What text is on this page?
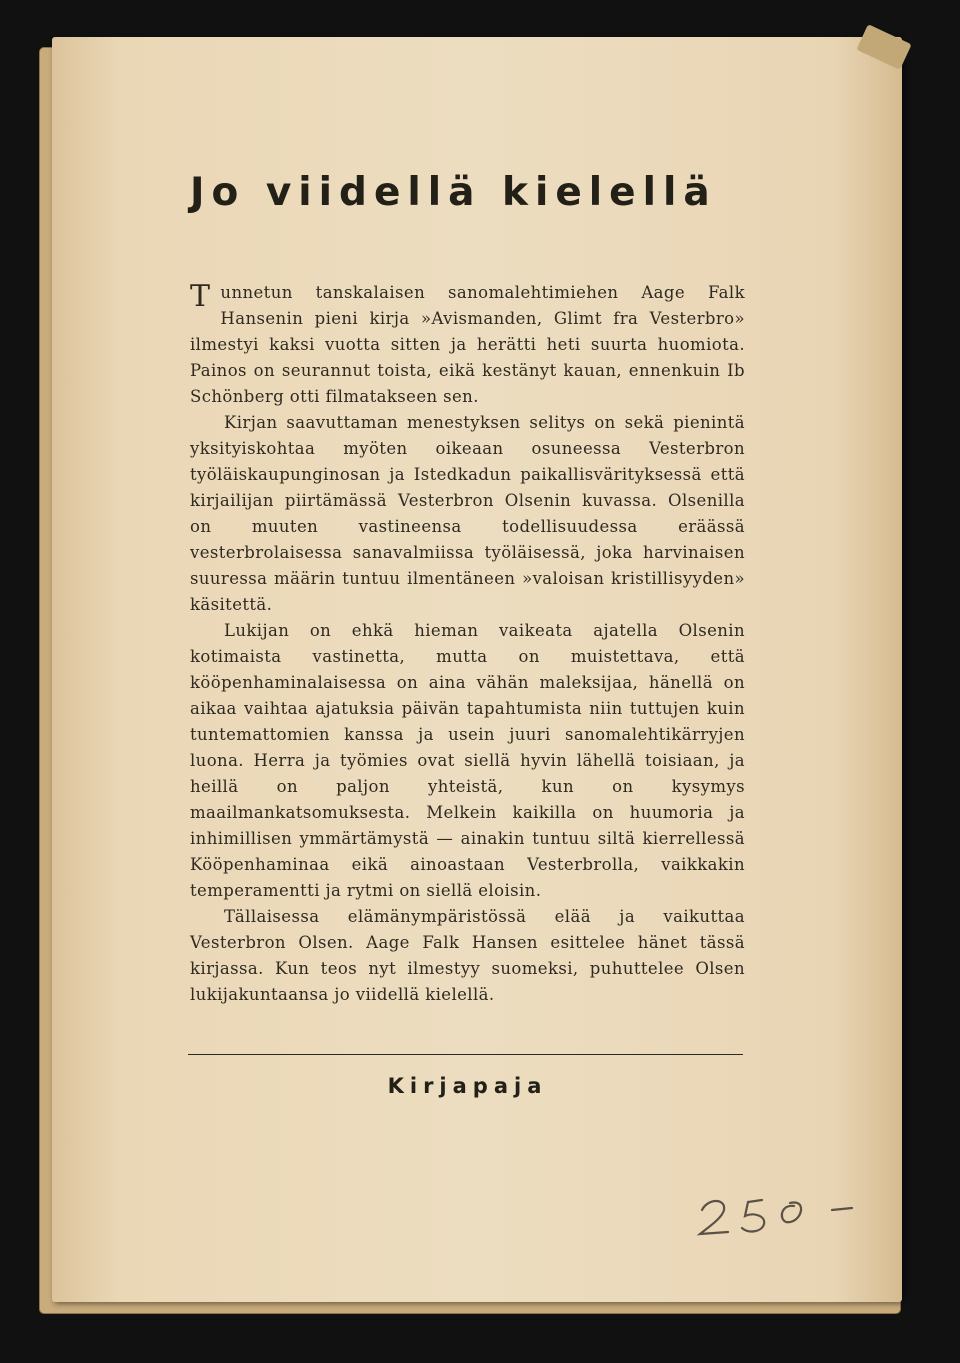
Jo viidellä kielellä

Tunnetun tanskalaisen sanomalehtimiehen Aage Falk Hansenin pieni kirja »Avismanden, Glimt fra Vesterbro» ilmestyi kaksi vuotta sitten ja herätti heti suurta huomiota. Painos on seurannut toista, eikä kestänyt kauan, ennenkuin Ib Schönberg otti filmatakseen sen.

Kirjan saavuttaman menestyksen selitys on sekä pienintä yksityiskohtaa myöten oikeaan osuneessa Vesterbron työläiskaupunginosan ja Istedkadun paikallisvärityksessä että kirjailijan piirtämässä Vesterbron Olsenin kuvassa. Olsenilla on muuten vastineensa todellisuudessa eräässä vesterbrolaisessa sanavalmiissa työläisessä, joka harvinaisen suuressa määrin tuntuu ilmentäneen »valoisan kristillisyyden» käsitettä.

Lukijan on ehkä hieman vaikeata ajatella Olsenin kotimaista vastinetta, mutta on muistettava, että kööpenhaminalaisessa on aina vähän maleksijaa, hänellä on aikaa vaihtaa ajatuksia päivän tapahtumista niin tuttujen kuin tuntemattomien kanssa ja usein juuri sanomalehtikärryjen luona. Herra ja työmies ovat siellä hyvin lähellä toisiaan, ja heillä on paljon yhteistä, kun on kysymys maailmankatsomuksesta. Melkein kaikilla on huumoria ja inhimillisen ymmärtämystä — ainakin tuntuu siltä kierrellessä Kööpenhaminaa eikä ainoastaan Vesterbrolla, vaikkakin temperamentti ja rytmi on siellä eloisin.

Tällaisessa elämänympäristössä elää ja vaikuttaa Vesterbron Olsen. Aage Falk Hansen esittelee hänet tässä kirjassa. Kun teos nyt ilmestyy suomeksi, puhuttelee Olsen lukijakuntaansa jo viidellä kielellä.

Kirjapaja
